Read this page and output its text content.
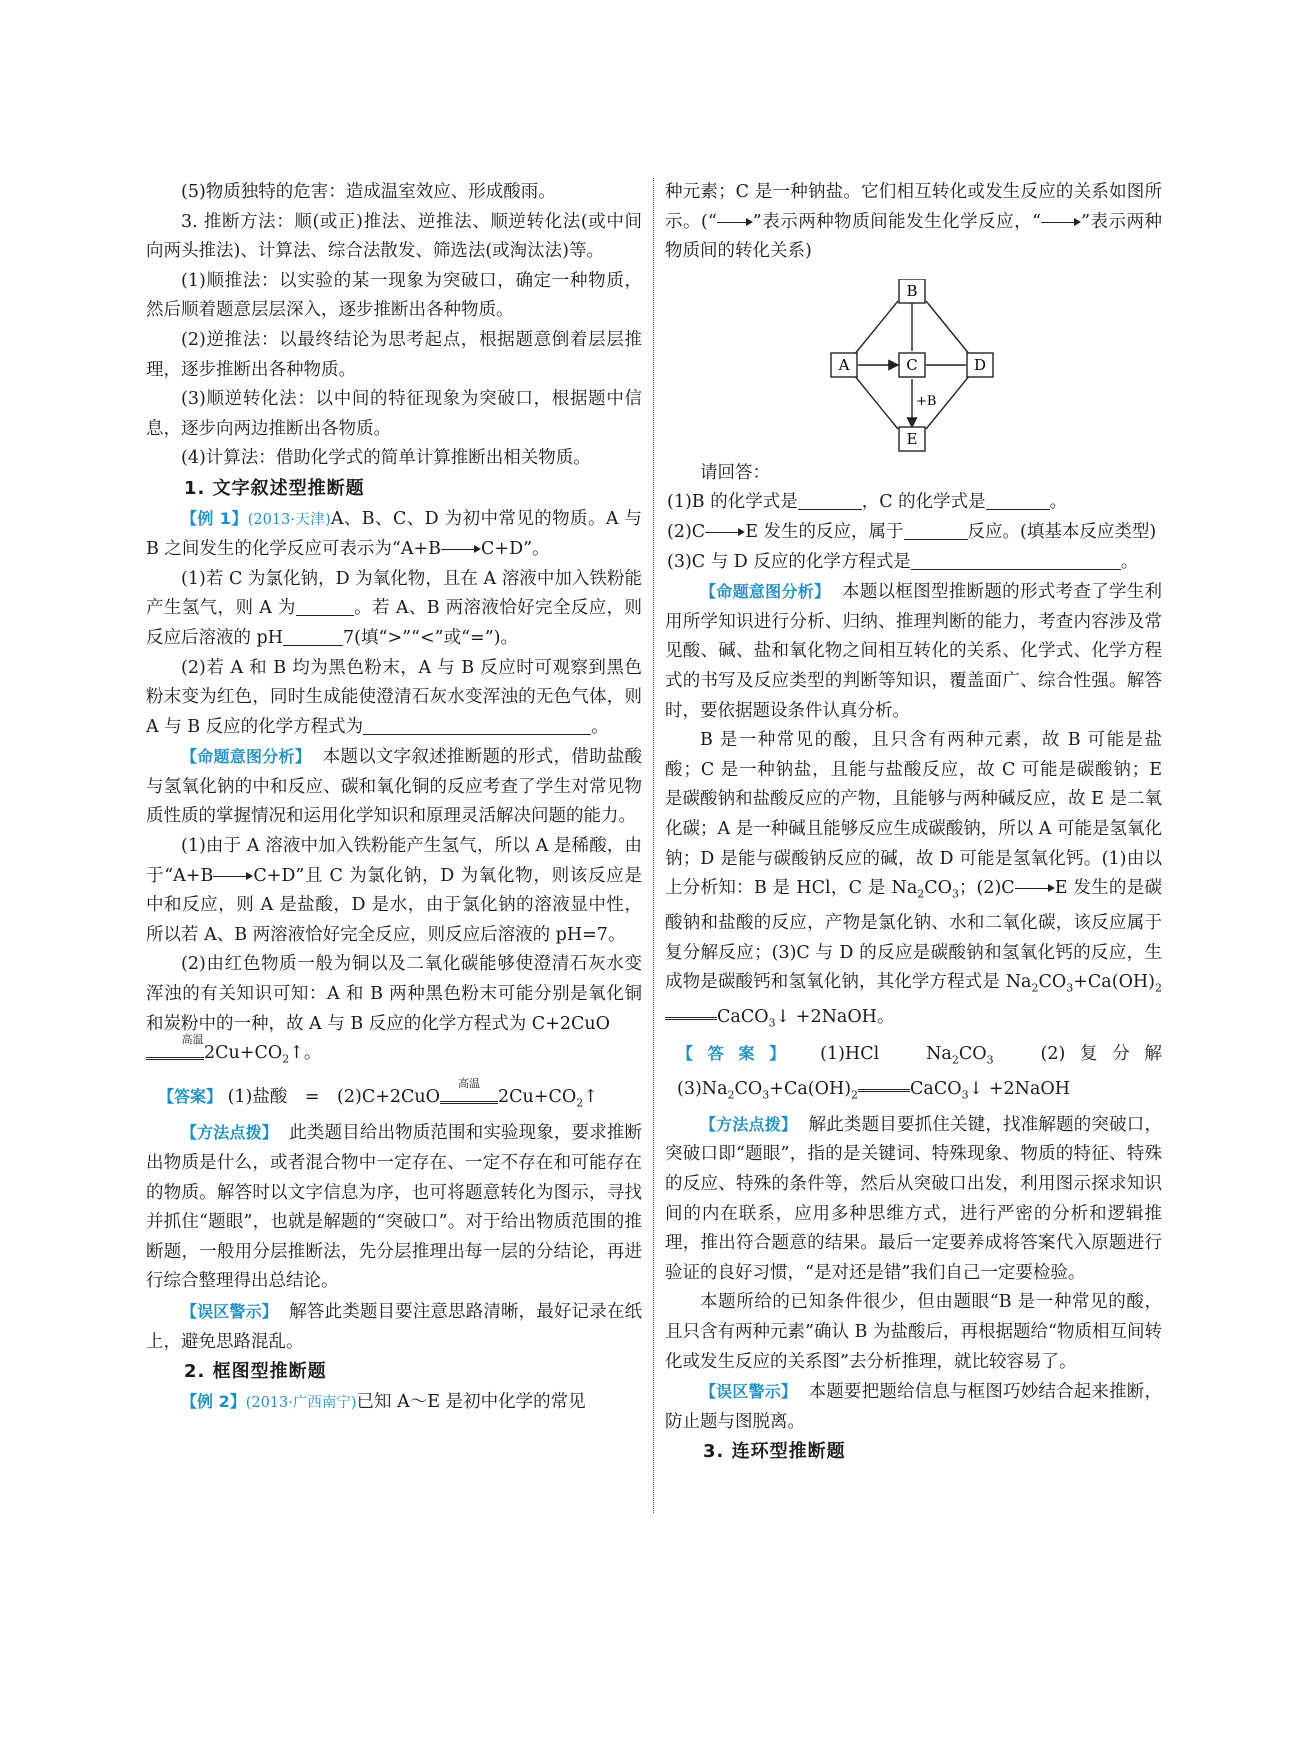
(5)物质独特的危害：造成温室效应、形成酸雨。

3. 推断方法：顺(或正)推法、逆推法、顺逆转化法(或中间向两头推法)、计算法、综合法散发、筛选法(或淘汰法)等。

(1)顺推法：以实验的某一现象为突破口，确定一种物质，然后顺着题意层层深入，逐步推断出各种物质。

(2)逆推法：以最终结论为思考起点，根据题意倒着层层推理，逐步推断出各种物质。

(3)顺逆转化法：以中间的特征现象为突破口，根据题中信息，逐步向两边推断出各物质。

(4)计算法：借助化学式的简单计算推断出相关物质。

1. 文字叙述型推断题

【例 1】(2013·天津)A、B、C、D 为初中常见的物质。A 与 B 之间发生的化学反应可表示为“A+B C+D”。

(1)若 C 为氯化钠，D 为氧化物，且在 A 溶液中加入铁粉能产生氢气，则 A 为	。若 A、B 两溶液恰好完全反应，则反应后溶液的 pH	7(填“>”“<”或“=”)。

(2)若 A 和 B 均为黑色粉末，A 与 B 反应时可观察到黑色粉末变为红色，同时生成能使澄清石灰水变浑浊的无色气体，则 A 与 B 反应的化学方程式为	。

【命题意图分析】 本题以文字叙述推断题的形式，借助盐酸与氢氧化钠的中和反应、碳和氧化铜的反应考查了学生对常见物质性质的掌握情况和运用化学知识和原理灵活解决问题的能力。

(1)由于 A 溶液中加入铁粉能产生氢气，所以 A 是稀酸，由于“A+B C+D”且 C 为氯化钠，D 为氧化物，则该反应是中和反应，则 A 是盐酸，D 是水，由于氯化钠的溶液显中性，所以若 A、B 两溶液恰好完全反应，则反应后溶液的 pH=7。

(2)由红色物质一般为铜以及二氧化碳能够使澄清石灰水变浑浊的有关知识可知：A 和 B 两种黑色粉末可能分别是氧化铜和炭粉中的一种，故 A 与 B 反应的化学方程式为 C+2CuO

高温
$2Cu+CO_2↑$。

【答案】 (1)盐酸　=　(2)C+2CuO
高温
$2Cu+CO_2↑$

【方法点拨】 此类题目给出物质范围和实验现象，要求推断出物质是什么，或者混合物中一定存在、一定不存在和可能存在的物质。解答时以文字信息为序，也可将题意转化为图示，寻找并抓住“题眼”，也就是解题的“突破口”。对于给出物质范围的推断题，一般用分层推断法，先分层推理出每一层的分结论，再进行综合整理得出总结论。

【误区警示】 解答此类题目要注意思路清晰，最好记录在纸上，避免思路混乱。

2. 框图型推断题

【例 2】(2013·广西南宁)已知 A～E 是初中化学的常见

种元素；C 是一种钠盐。它们相互转化或发生反应的关系如图所示。(“ ”表示两种物质间能发生化学反应，“ ”表示两种物质间的转化关系)

+B
A
B
C	D
E

请回答：

(1)B 的化学式是	，C 的化学式是	。

(2)C E 发生的反应，属于	反应。(填基本反应类型)

(3)C 与 D 反应的化学方程式是	。

【命题意图分析】 本题以框图型推断题的形式考查了学生利用所学知识进行分析、归纳、推理判断的能力，考查内容涉及常见酸、碱、盐和氧化物之间相互转化的关系、化学式、化学方程式的书写及反应类型的判断等知识，覆盖面广、综合性强。解答时，要依据题设条件认真分析。

B 是一种常见的酸，且只含有两种元素，故 B 可能是盐酸；C 是一种钠盐，且能与盐酸反应，故 C 可能是碳酸钠；E 是碳酸钠和盐酸反应的产物，且能够与两种碱反应，故 E 是二氧化碳；A 是一种碱且能够反应生成碳酸钠，所以 A 可能是氢氧化钠；D 是能与碳酸钠反应的碱，故 D 可能是氢氧化钙。(1)由以上分析知：B 是 HCl，C 是 $Na_2CO_3$；(2)C E 发生的是碳酸钠和盐酸的反应，产物是氯化钠、水和二氧化碳，该反应属于复分解反应；(3)C 与 D 的反应是碳酸钠和氢氧化钙的反应，生成物是碳酸钙和氢氧化钠，其化学方程式是 $Na_2CO_3+Ca(OH)_2CaCO_3↓$ +2NaOH。

【答案】 (1)HCl　$Na_2CO_3$　(2)复分解　$(3)Na_2CO_3+Ca(OH)_2$	CaCO$_3$↓ +2NaOH

【方法点拨】 解此类题目要抓住关键，找准解题的突破口，突破口即“题眼”，指的是关键词、特殊现象、物质的特征、特殊的反应、特殊的条件等，然后从突破口出发，利用图示探求知识间的内在联系，应用多种思维方式，进行严密的分析和逻辑推理，推出符合题意的结果。最后一定要养成将答案代入原题进行验证的良好习惯，“是对还是错”我们自己一定要检验。

本题所给的已知条件很少，但由题眼“B 是一种常见的酸，且只含有两种元素”确认 B 为盐酸后，再根据题给“物质相互间转化或发生反应的关系图”去分析推理，就比较容易了。

【误区警示】 本题要把题给信息与框图巧妙结合起来推断，防止题与图脱离。

3. 连环型推断题
